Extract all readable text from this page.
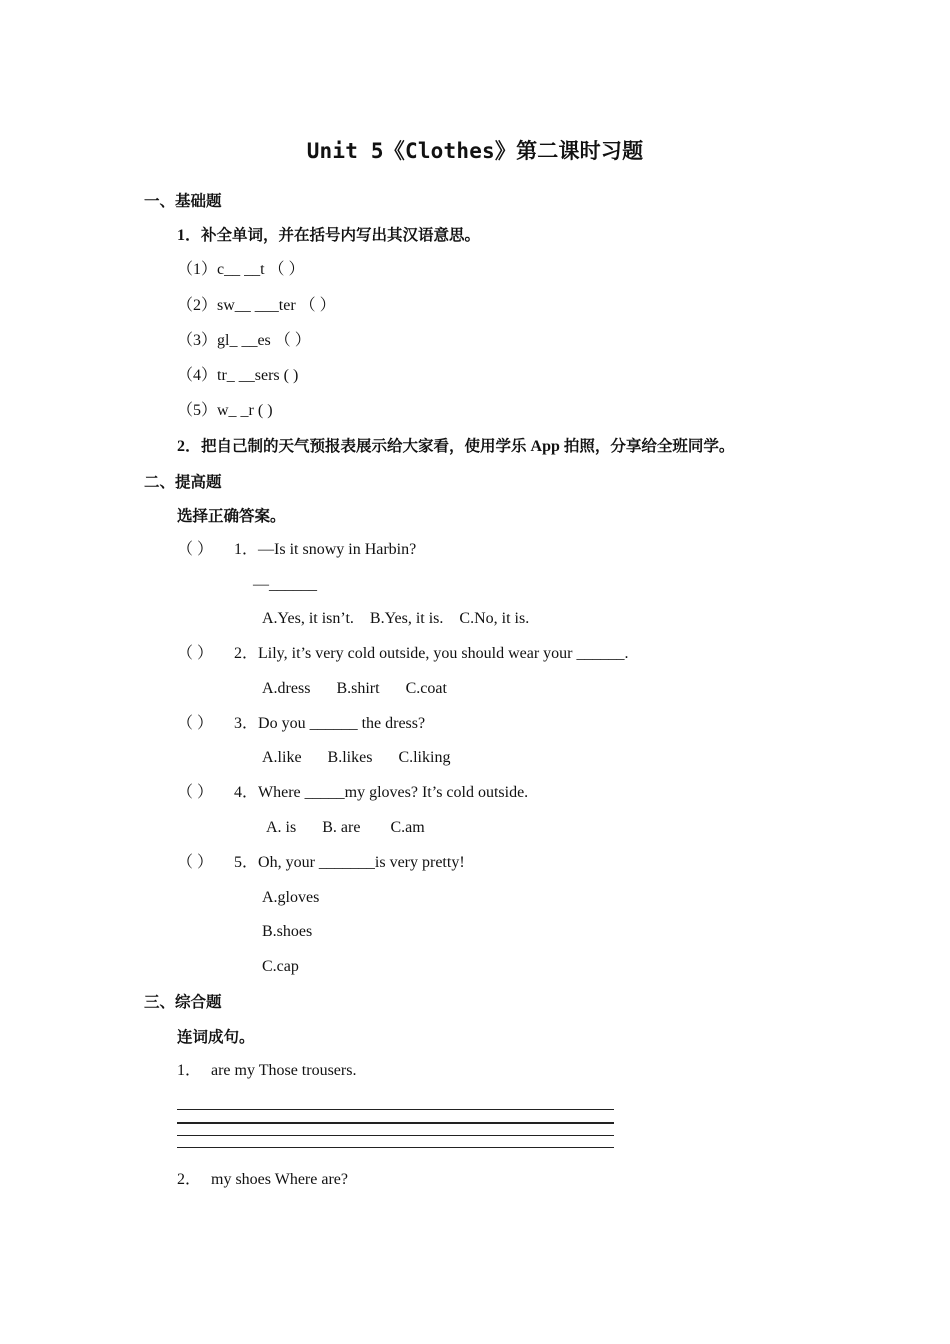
Unit 5《Clothes》第二课时习题
一、基础题
1．补全单词，并在括号内写出其汉语意思。
（1）c__ __t （ ）
（2）sw__ ___ter （ ）
（3）gl_ __es （ ）
（4）tr_ __sers ( )
（5）w_ _r ( )
2．把自己制的天气预报表展示给大家看，使用学乐 App 拍照，分享给全班同学。
二、提高题
选择正确答案。
（ ） 1．—Is it snowy in Harbin?
—______
A.Yes, it isn’t. B.Yes, it is. C.No, it is.
（ ） 2．Lily, it’s very cold outside, you should wear your ______.
A.dress B.shirt C.coat
（ ） 3．Do you ______ the dress?
A.like B.likes C.liking
（ ） 4．Where _____my gloves? It’s cold outside.
A. is B. are C.am
（ ） 5．Oh, your _______is very pretty!
A.gloves
B.shoes
C.cap
三、综合题
连词成句。
1． are my Those trousers.
2． my shoes Where are?
